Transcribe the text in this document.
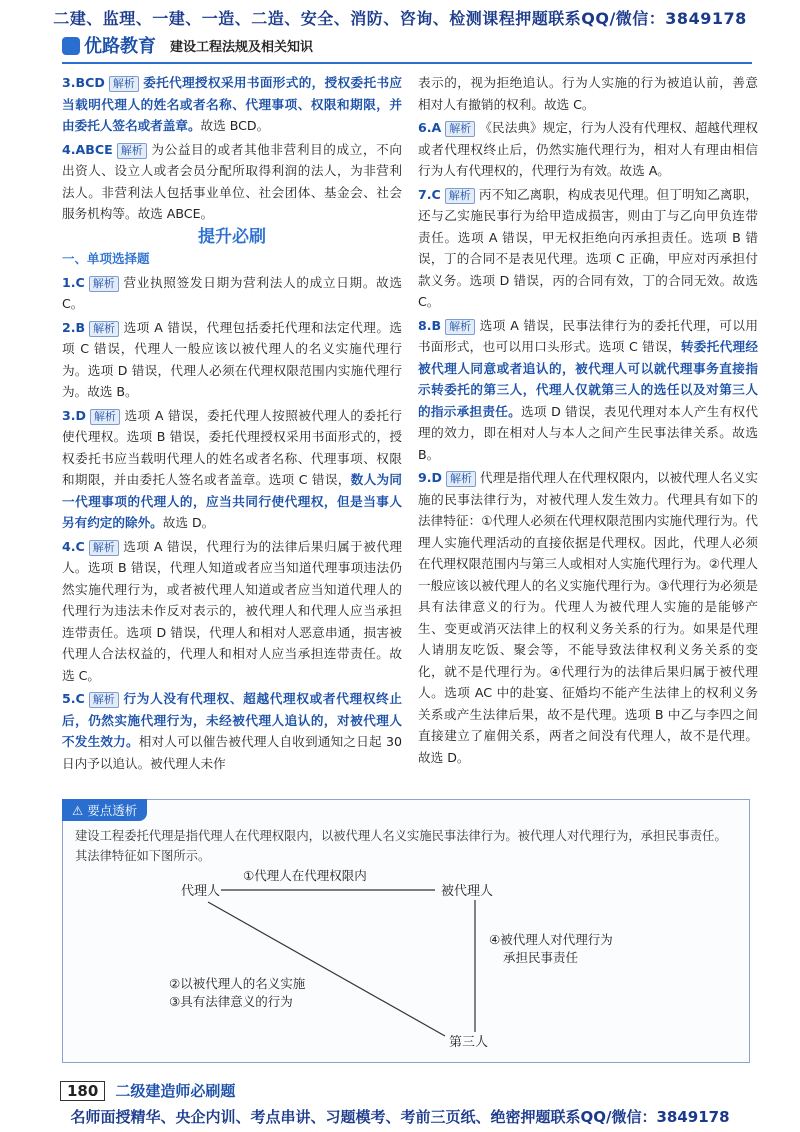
二建、监理、一建、一造、二造、安全、消防、咨询、检测课程押题联系QQ/微信：3849178
优路教育 建设工程法规及相关知识
3.BCD 解析 委托代理授权采用书面形式的，授权委托书应当载明代理人的姓名或者名称、代理事项、权限和期限，并由委托人签名或者盖章。故选 BCD。
4.ABCE 解析 为公益目的或者其他非营利目的成立，不向出资人、设立人或者会员分配所取得利润的法人，为非营利法人。非营利法人包括事业单位、社会团体、基金会、社会服务机构等。故选 ABCE。
提升必刷
一、单项选择题
1.C 解析 营业执照签发日期为营利法人的成立日期。故选 C。
2.B 解析 选项 A 错误，代理包括委托代理和法定代理。选项 C 错误，代理人一般应该以被代理人的名义实施代理行为。选项 D 错误，代理人必须在代理权限范围内实施代理行为。故选 B。
3.D 解析 选项 A 错误，委托代理人按照被代理人的委托行使代理权。选项 B 错误，委托代理授权采用书面形式的，授权委托书应当载明代理人的姓名或者名称、代理事项、权限和期限，并由委托人签名或者盖章。选项 C 错误，数人为同一代理事项的代理人的，应当共同行使代理权，但是当事人另有约定的除外。故选 D。
4.C 解析 选项 A 错误，代理行为的法律后果归属于被代理人。选项 B 错误，代理人知道或者应当知道代理事项违法仍然实施代理行为，或者被代理人知道或者应当知道代理人的代理行为违法未作反对表示的，被代理人和代理人应当承担连带责任。选项 D 错误，代理人和相对人恶意串通，损害被代理人合法权益的，代理人和相对人应当承担连带责任。故选 C。
5.C 解析 行为人没有代理权、超越代理权或者代理权终止后，仍然实施代理行为，未经被代理人追认的，对被代理人不发生效力。相对人可以催告被代理人自收到通知之日起 30 日内予以追认。被代理人未作
表示的，视为拒绝追认。行为人实施的行为被追认前，善意相对人有撤销的权利。故选 C。
6.A 解析 《民法典》规定，行为人没有代理权、超越代理权或者代理权终止后，仍然实施代理行为，相对人有理由相信行为人有代理权的，代理行为有效。故选 A。
7.C 解析 丙不知乙离职，构成表见代理。但丁明知乙离职，还与乙实施民事行为给甲造成损害，则由丁与乙向甲负连带责任。选项 A 错误，甲无权拒绝向丙承担责任。选项 B 错误，丁的合同不是表见代理。选项 C 正确，甲应对丙承担付款义务。选项 D 错误，丙的合同有效，丁的合同无效。故选 C。
8.B 解析 选项 A 错误，民事法律行为的委托代理，可以用书面形式，也可以用口头形式。选项 C 错误，转委托代理经被代理人同意或者追认的，被代理人可以就代理事务直接指示转委托的第三人，代理人仅就第三人的选任以及对第三人的指示承担责任。选项 D 错误，表见代理对本人产生有权代理的效力，即在相对人与本人之间产生民事法律关系。故选 B。
9.D 解析 代理是指代理人在代理权限内，以被代理人名义实施的民事法律行为，对被代理人发生效力。代理具有如下的法律特征：①代理人必须在代理权限范围内实施代理行为。代理人实施代理活动的直接依据是代理权。因此，代理人必须在代理权限范围内与第三人或相对人实施代理行为。②代理人一般应该以被代理人的名义实施代理行为。③代理行为必须是具有法律意义的行为。代理人为被代理人实施的是能够产生、变更或消灭法律上的权利义务关系的行为。如果是代理人请朋友吃饭、聚会等，不能导致法律权利义务关系的变化，就不是代理行为。④代理行为的法律后果归属于被代理人。选项 AC 中的赴宴、征婚均不能产生法律上的权利义务关系或产生法律后果，故不是代理。选项 B 中乙与李四之间直接建立了雇佣关系，两者之间没有代理人，故不是代理。故选 D。
⚠ 要点透析
建设工程委托代理是指代理人在代理权限内，以被代理人名义实施民事法律行为。被代理人对代理行为，承担民事责任。其法律特征如下图所示。
代理人	被代理人
第三人
①代理人在代理权限内
④被代理人对代理行为
承担民事责任
②以被代理人的名义实施
③具有法律意义的行为
180	二级建造师必刷题
名师面授精华、央企内训、考点串讲、习题模考、考前三页纸、绝密押题联系QQ/微信：3849178
